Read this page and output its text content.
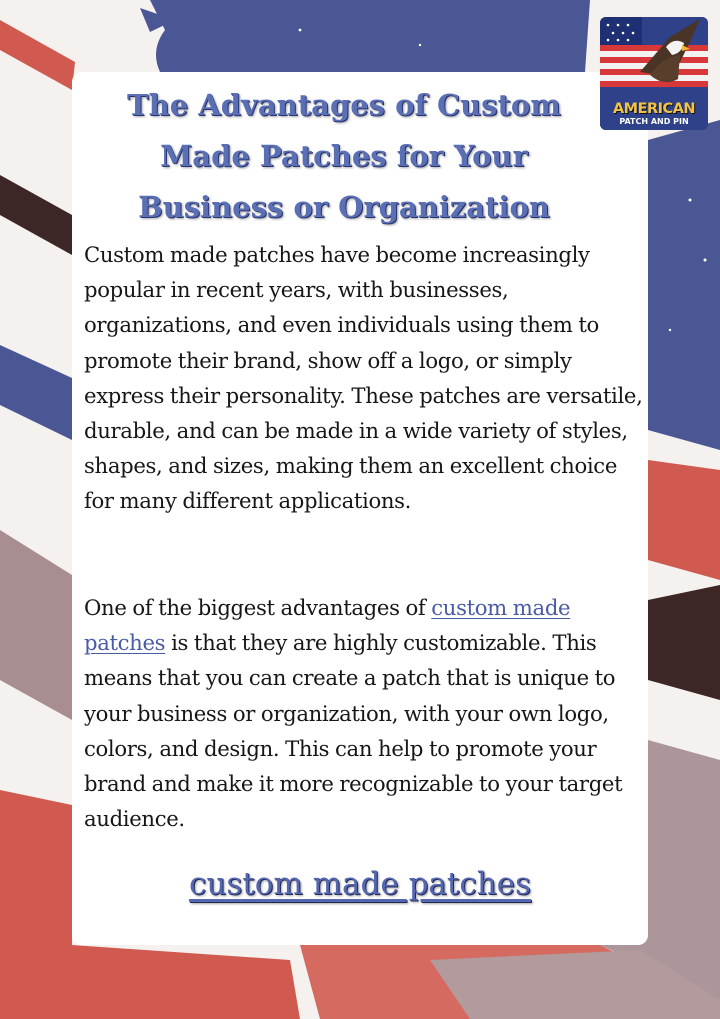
The Advantages of Custom Made Patches for Your Business or Organization
Custom made patches have become increasingly popular in recent years, with businesses, organizations, and even individuals using them to promote their brand, show off a logo, or simply express their personality. These patches are versatile, durable, and can be made in a wide variety of styles, shapes, and sizes, making them an excellent choice for many different applications.
One of the biggest advantages of custom made patches is that they are highly customizable. This means that you can create a patch that is unique to your business or organization, with your own logo, colors, and design. This can help to promote your brand and make it more recognizable to your target audience.
custom made patches
AMERICAN
PATCH AND PIN
